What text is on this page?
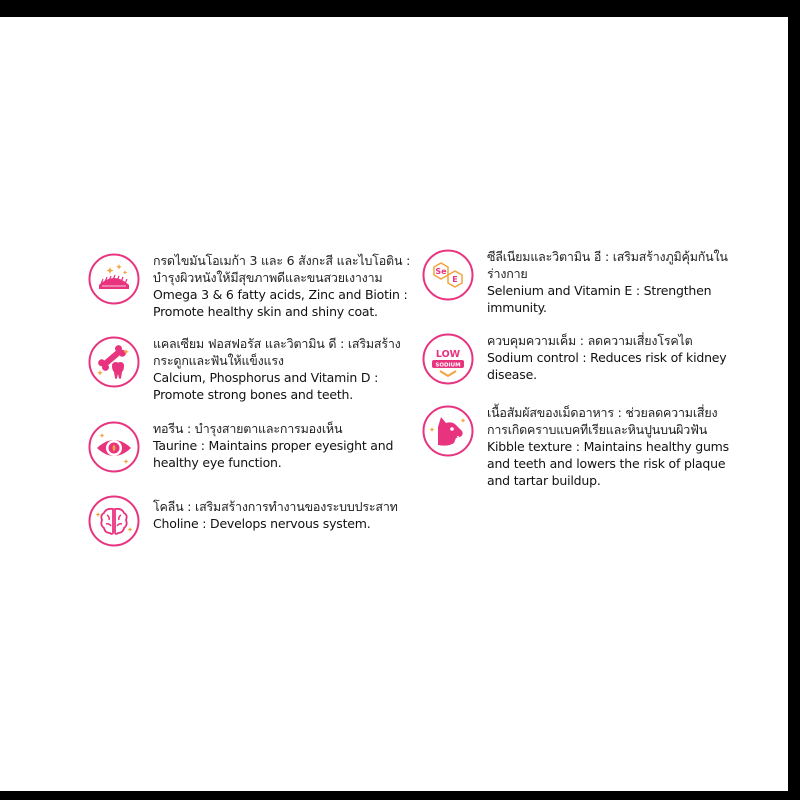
กรดไขมันโอเมก้า 3 และ 6 สังกะสี และไบโอติน :
บำรุงผิวหนังให้มีสุขภาพดีและขนสวยเงางาม
Omega 3 & 6 fatty acids, Zinc and Biotin :
Promote healthy skin and shiny coat.
แคลเซียม ฟอสฟอรัส และวิตามิน ดี : เสริมสร้าง
กระดูกและฟันให้แข็งแรง
Calcium, Phosphorus and Vitamin D :
Promote strong bones and teeth.
ทอรีน : บำรุงสายตาและการมองเห็น
Taurine : Maintains proper eyesight and
healthy eye function.
โคลีน : เสริมสร้างการทำงานของระบบประสาท
Choline : Develops nervous system.
Se
E
ซีลีเนียมและวิตามิน อี : เสริมสร้างภูมิคุ้มกันใน
ร่างกาย
Selenium and Vitamin E : Strengthen
immunity.
LOW
SODIUM
ควบคุมความเค็ม : ลดความเสี่ยงโรคไต
Sodium control : Reduces risk of kidney
disease.
เนื้อสัมผัสของเม็ดอาหาร : ช่วยลดความเสี่ยง
การเกิดคราบแบคทีเรียและหินปูนบนผิวฟัน
Kibble texture : Maintains healthy gums
and teeth and lowers the risk of plaque
and tartar buildup.
